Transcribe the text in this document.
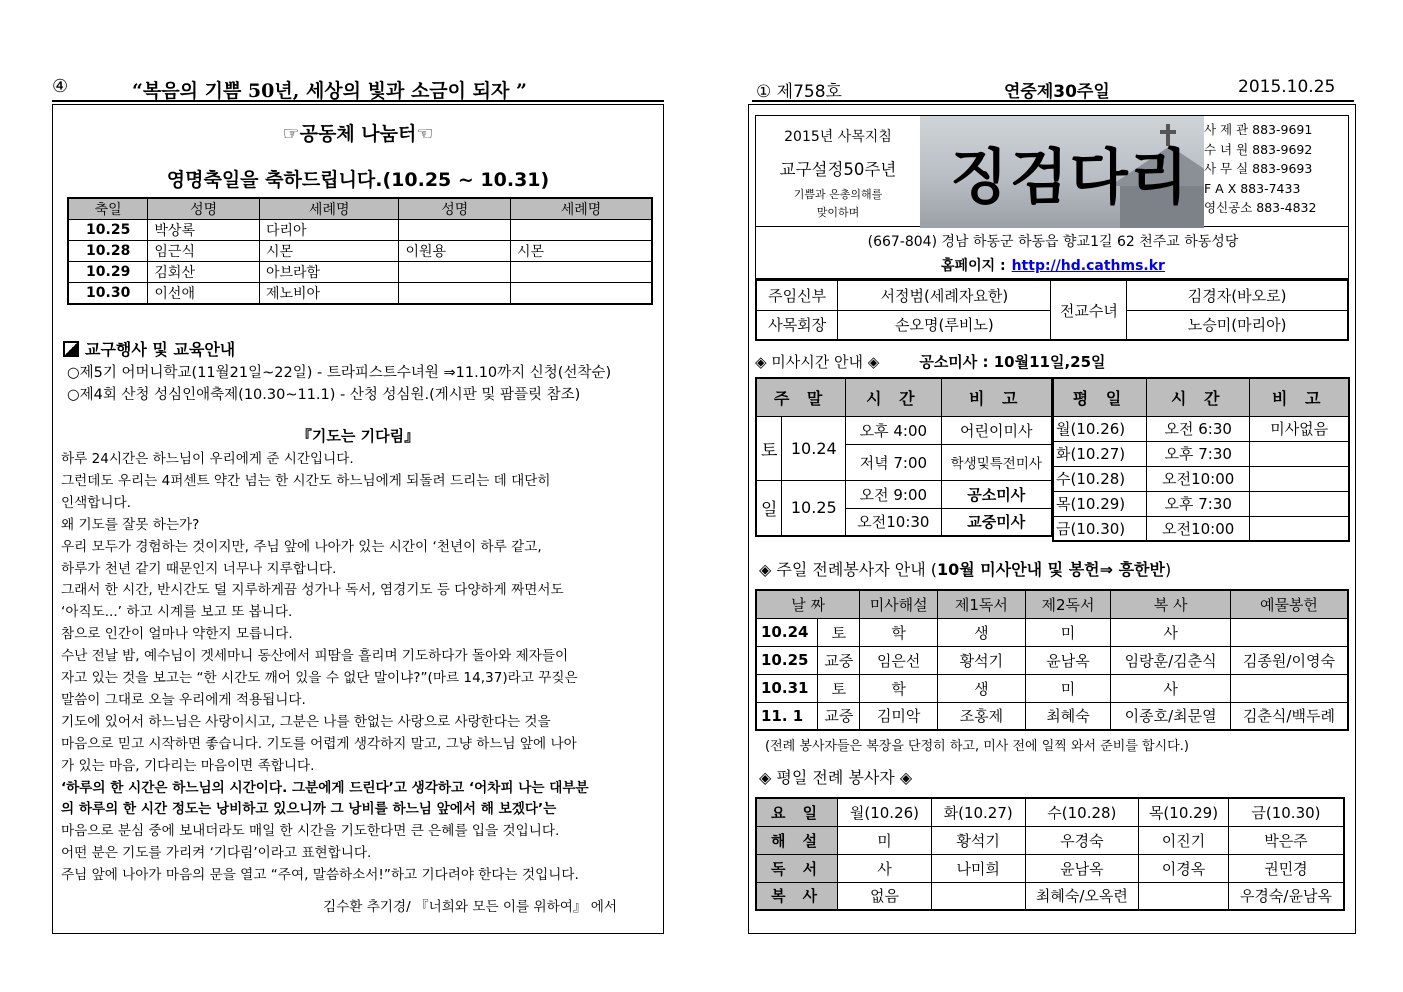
④	“복음의 기쁨 50년, 세상의 빛과 소금이 되자 ”
☞공동체 나눔터☜
영명축일을 축하드립니다.(10.25 ~ 10.31)
축일	성명	세례명	성명	세례명
10.25	박상록	다리아		
10.28	임근식	시몬	이원용	시몬
10.29	김회산	아브라함		
10.30	이선애	제노비아		
교구행사 및 교육안내
○제5기 어머니학교(11월21일~22일) - 트라피스트수녀원 ⇒11.10까지 신청(선착순)
○제4회 산청 성심인애축제(10.30~11.1) - 산청 성심원.(게시판 및 팜플릿 참조)
『기도는 기다림』
하루 24시간은 하느님이 우리에게 준 시간입니다.
그런데도 우리는 4퍼센트 약간 넘는 한 시간도 하느님에게 되돌려 드리는 데 대단히
인색합니다.
왜 기도를 잘못 하는가?
우리 모두가 경험하는 것이지만, 주님 앞에 나아가 있는 시간이 ‘천년이 하루 같고,
하루가 천년 같기 때문인지 너무나 지루합니다.
그래서 한 시간, 반시간도 덜 지루하게끔 성가나 독서, 염경기도 등 다양하게 짜면서도
‘아직도...’ 하고 시계를 보고 또 봅니다.
참으로 인간이 얼마나 약한지 모릅니다.
수난 전날 밤, 예수님이 겟세마니 동산에서 피땀을 흘리며 기도하다가 돌아와 제자들이
자고 있는 것을 보고는 “한 시간도 깨어 있을 수 없단 말이냐?”(마르 14,37)라고 꾸짖은
말씀이 그대로 오늘 우리에게 적용됩니다.
기도에 있어서 하느님은 사랑이시고, 그분은 나를 한없는 사랑으로 사랑한다는 것을
마음으로 믿고 시작하면 좋습니다. 기도를 어렵게 생각하지 말고, 그냥 하느님 앞에 나아
가 있는 마음, 기다리는 마음이면 족합니다.
‘하루의 한 시간은 하느님의 시간이다. 그분에게 드린다’고 생각하고 ‘어차피 나는 대부분
의 하루의 한 시간 정도는 낭비하고 있으니까 그 낭비를 하느님 앞에서 해 보겠다’는
마음으로 분심 중에 보내더라도 매일 한 시간을 기도한다면 큰 은혜를 입을 것입니다.
어떤 분은 기도를 가리켜 ‘기다림’이라고 표현합니다.
주님 앞에 나아가 마음의 문을 열고 “주여, 말씀하소서!”하고 기다려야 한다는 것입니다.
김수환 추기경/ 『너희와 모든 이를 위하여』 에서
① 제758호	연중제30주일	2015.10.25
2015년 사목지침
교구설정50주년
기쁨과 은총의해를
맞이하며	징검다리
사 제 관 883-9691
수 녀 원 883-9692
사 무 실 883-9693
F A X 883-7433
영신공소 883-4832
(667-804) 경남 하동군 하동읍 향교1길 62 천주교 하동성당
홈페이지 : http://hd.cathms.kr
주임신부	서정범(세례자요한)	전교수녀	김경자(바오로)
사목회장	손오명(루비노)		노승미(마리아)
◈ 미사시간 안내 ◈	공소미사 : 10월11일,25일
주 말		시 간	비 고
토	10.24	오후 4:00	어린이미사
		저녁 7:00	학생및특전미사
일	10.25	오전 9:00	공소미사
		오전10:30	교중미사
평 일	시 간	비 고
월(10.26)	오전 6:30	미사없음
화(10.27)	오후 7:30	
수(10.28)	오전10:00	
목(10.29)	오후 7:30	
금(10.30)	오전10:00	
◈ 주일 전례봉사자 안내 (10월 미사안내 및 봉헌⇒ 흥한반)
날 짜		미사해설	제1독서	제2독서	복 사	예물봉헌
10.24	토	학	생	미	사	
10.25	교중	임은선	황석기	윤남옥	임랑훈/김춘식	김종원/이영숙
10.31	토	학	생	미	사	
11. 1	교중	김미악	조홍제	최혜숙	이종호/최문열	김춘식/백두례
(전례 봉사자들은 복장을 단정히 하고, 미사 전에 일찍 와서 준비를 합시다.)
◈ 평일 전례 봉사자 ◈
요 일	월(10.26)	화(10.27)	수(10.28)	목(10.29)	금(10.30)
해 설	미	황석기	우경숙	이진기	박은주
독 서	사	나미희	윤남옥	이경옥	권민경
복 사	없음		최혜숙/오옥련		우경숙/윤남옥
